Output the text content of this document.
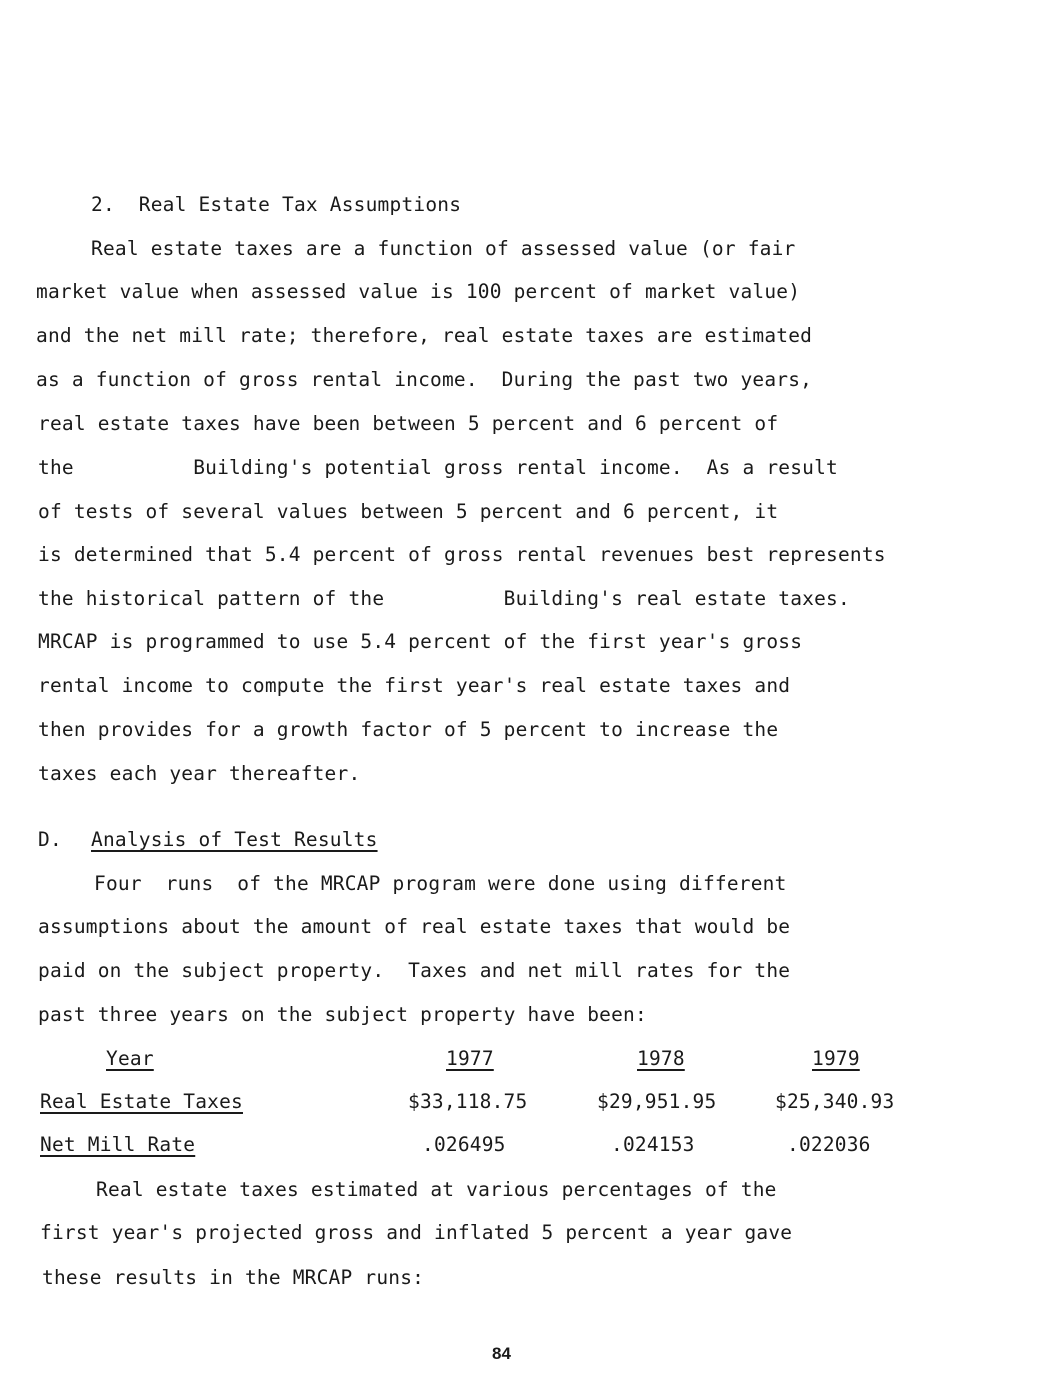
2.  Real Estate Tax Assumptions
Real estate taxes are a function of assessed value (or fair
market value when assessed value is 100 percent of market value)
and the net mill rate; therefore, real estate taxes are estimated
as a function of gross rental income.  During the past two years,
real estate taxes have been between 5 percent and 6 percent of
the          Building's potential gross rental income.  As a result
of tests of several values between 5 percent and 6 percent, it
is determined that 5.4 percent of gross rental revenues best represents
the historical pattern of the          Building's real estate taxes.
MRCAP is programmed to use 5.4 percent of the first year's gross
rental income to compute the first year's real estate taxes and
then provides for a growth factor of 5 percent to increase the
taxes each year thereafter.
D. Analysis of Test Results
Four  runs  of the MRCAP program were done using different
assumptions about the amount of real estate taxes that would be
paid on the subject property.  Taxes and net mill rates for the
past three years on the subject property have been:
Year	1977	1978	1979
Real Estate Taxes	$33,118.75	$29,951.95	$25,340.93
Net Mill Rate	.026495	.024153	.022036
Real estate taxes estimated at various percentages of the
first year's projected gross and inflated 5 percent a year gave
these results in the MRCAP runs:
84
